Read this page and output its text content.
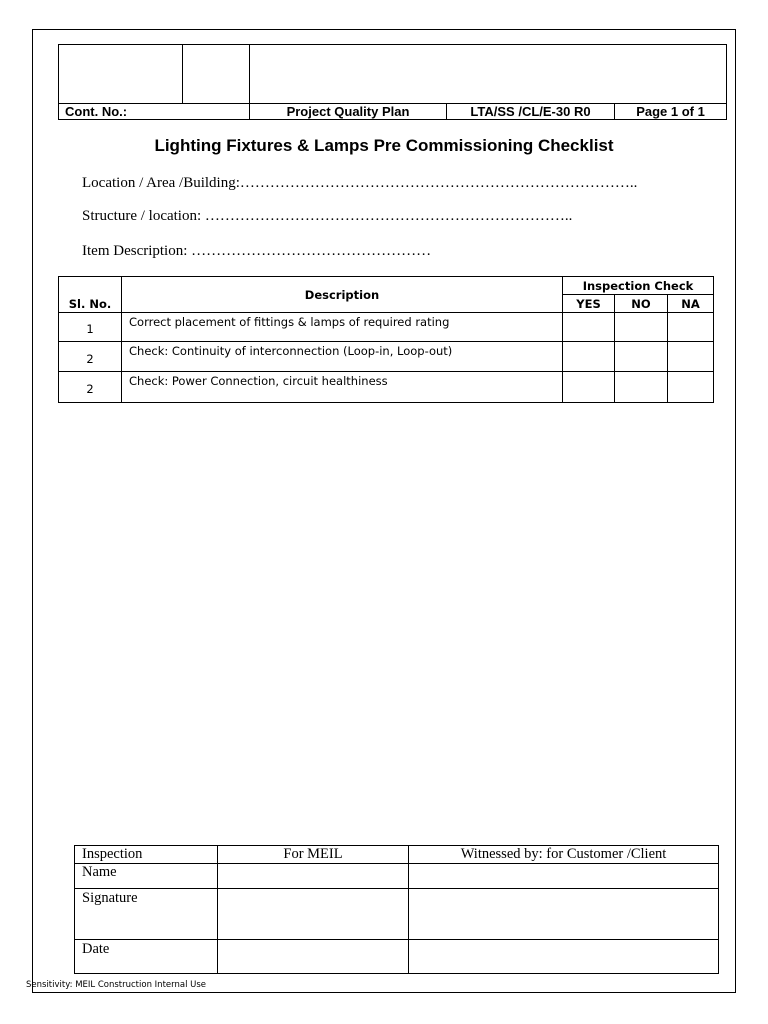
Cont. No.:		Project Quality Plan	LTA/SS /CL/E-30 R0	Page 1 of 1
Lighting Fixtures & Lamps Pre Commissioning Checklist
Location / Area /Building:……………………………………………………………………..
Structure / location: ………………………………………………………………..
Item Description: …………………………………………
Sl. No.	Description	Inspection Check		
		YES	NO	NA
1	Correct placement of fittings & lamps of required rating			
2	Check: Continuity of interconnection (Loop-in, Loop-out)			
2	Check: Power Connection, circuit healthiness			
Inspection	For MEIL	Witnessed by: for Customer /Client
Name		
Signature		
Date		
Sensitivity: MEIL Construction Internal Use
